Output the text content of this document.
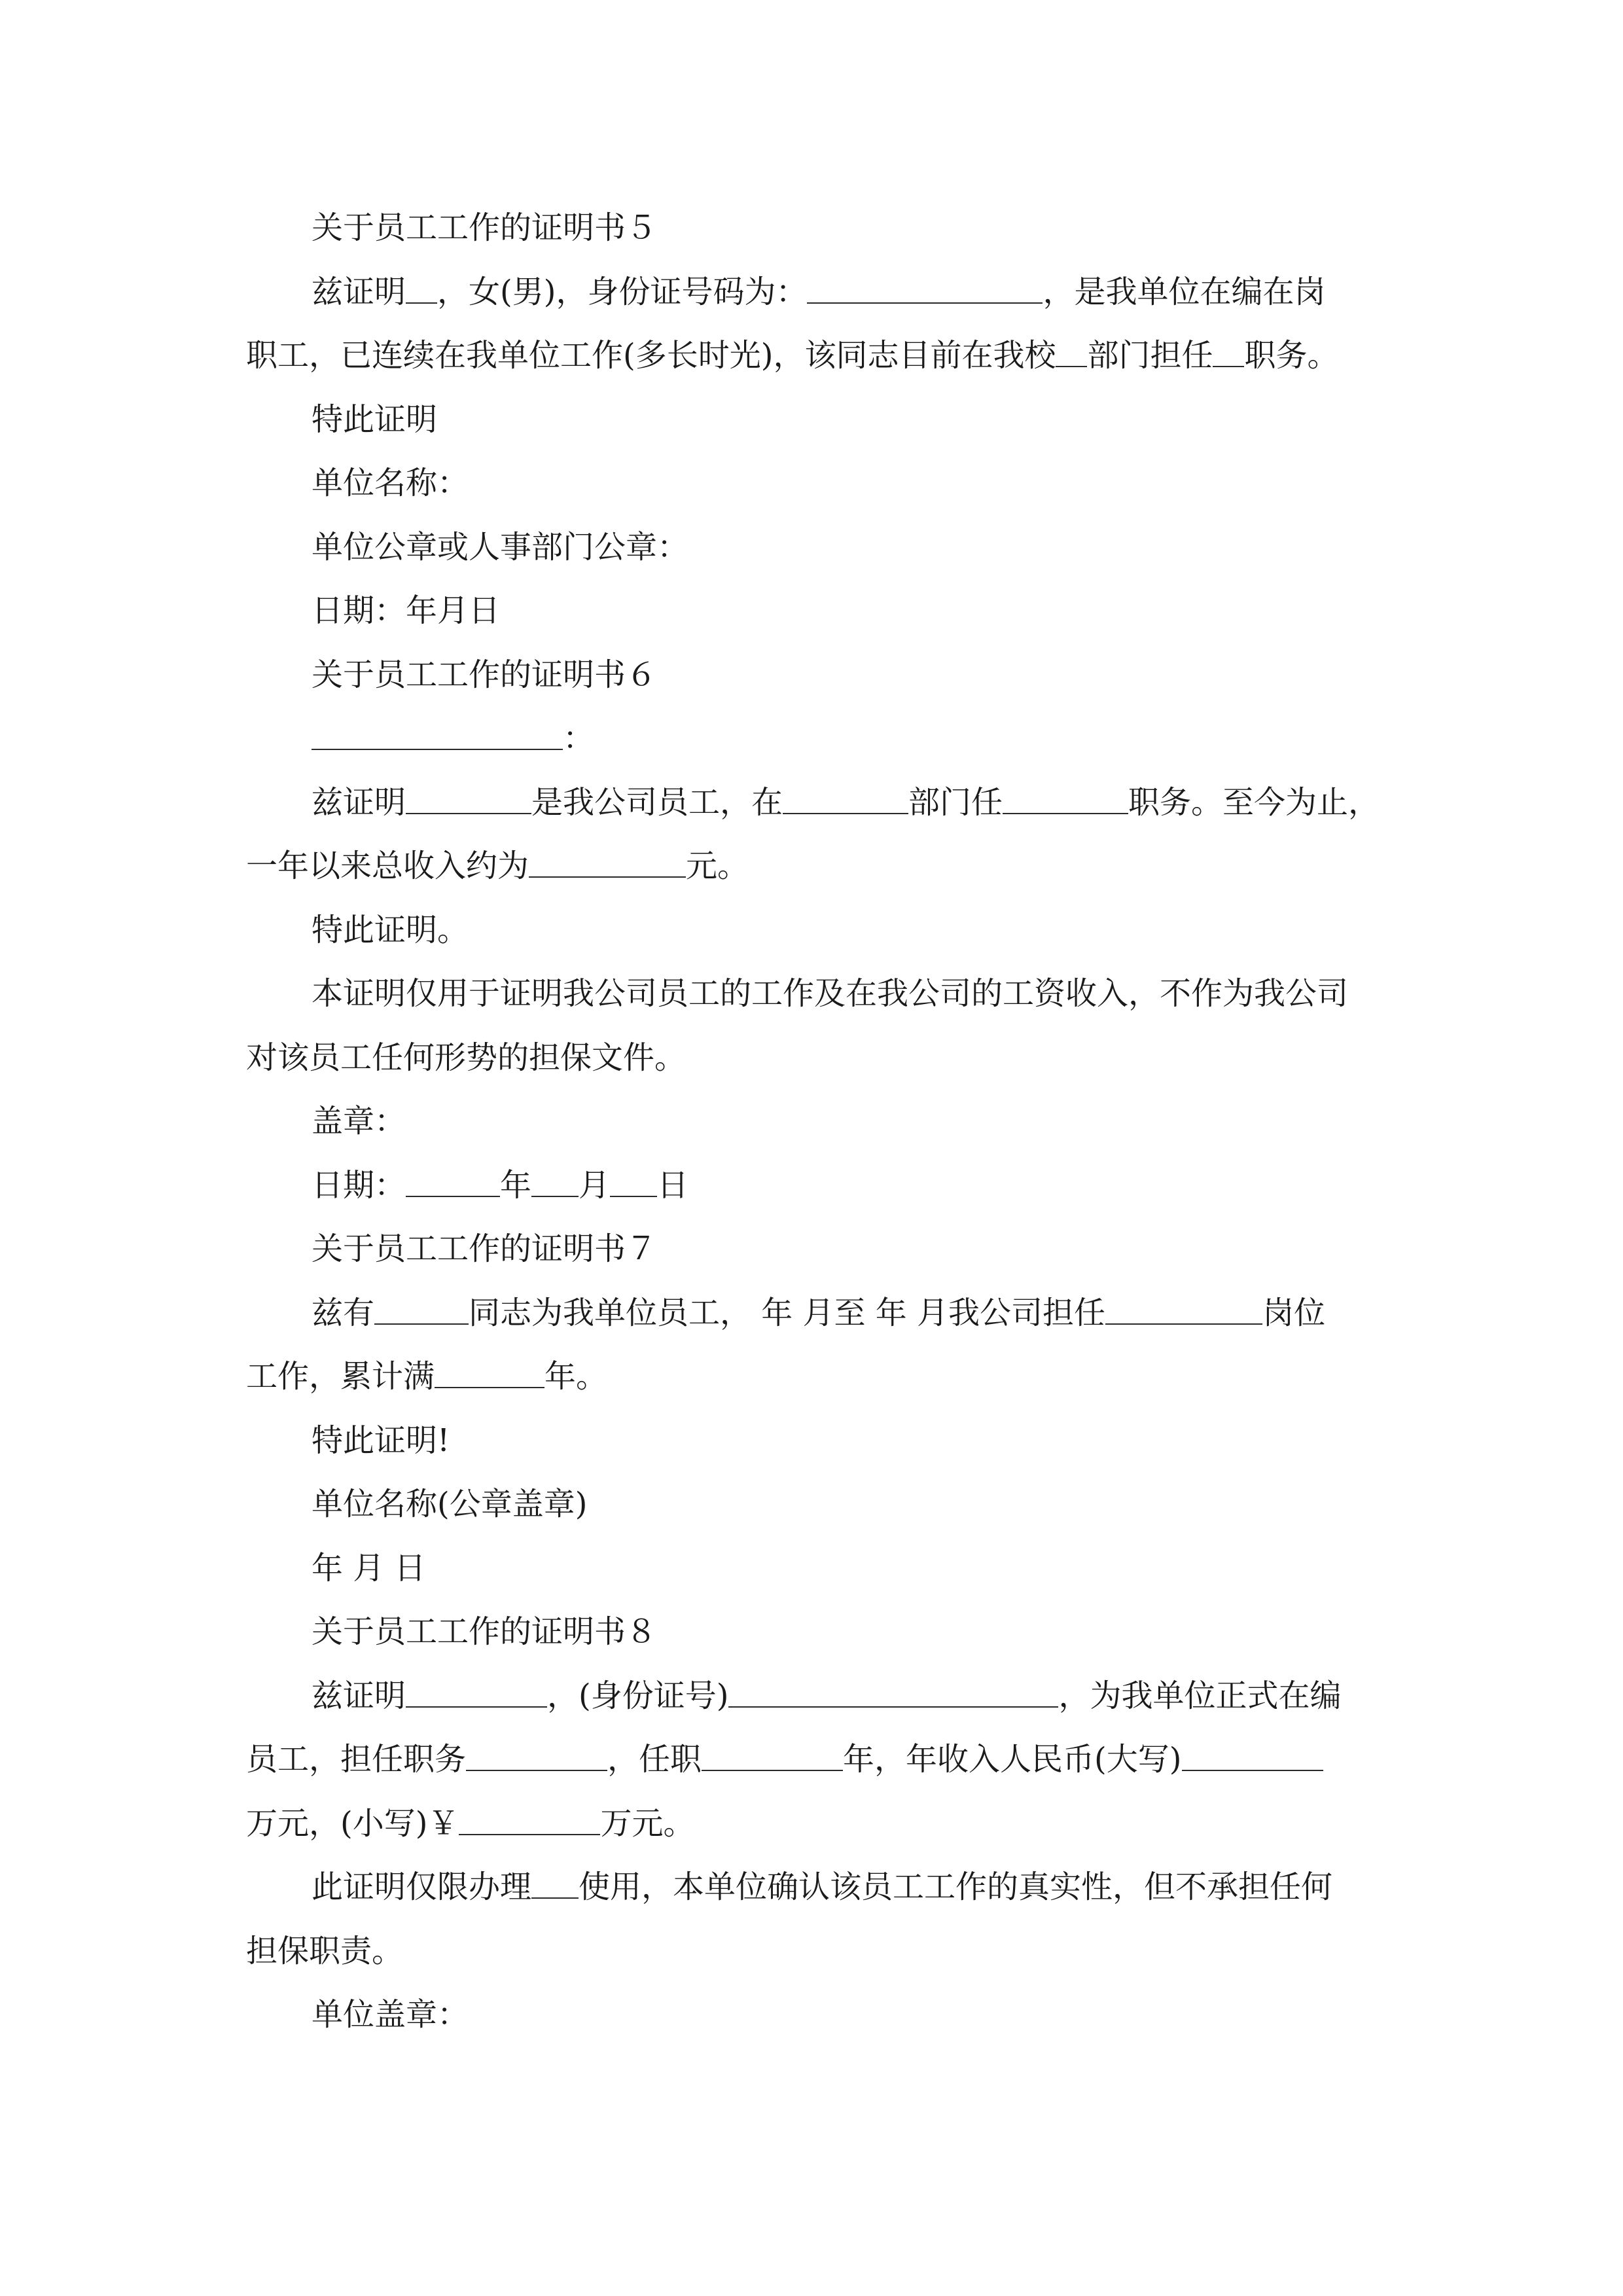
关于员工工作的证明书５
兹证明 ，女(男)，身份证号码为：	，是我单位在编在岗
职工，已连续在我单位工作(多长时光)，该同志目前在我校 部门担任 职务。
特此证明
单位名称：
单位公章或人事部门公章：
日期：年月日
关于员工工作的证明书６
：
兹证明	是我公司员工，在	部门任	职务。至今为止，
一年以来总收入约为	元。
特此证明。
本证明仅用于证明我公司员工的工作及在我公司的工资收入，不作为我公司
对该员工任何形势的担保文件。
盖章：
日期：	年 月 日
关于员工工作的证明书７
兹有	同志为我单位员工， 年 月至 年 月我公司担任	岗位
工作，累计满	年。
特此证明!
单位名称(公章盖章)
年 月 日
关于员工工作的证明书８
兹证明	，(身份证号)	，为我单位正式在编
员工，担任职务	，任职	年，年收入人民币(大写)
万元，(小写)￥	万元。
此证明仅限办理 使用，本单位确认该员工工作的真实性，但不承担任何
担保职责。
单位盖章：
